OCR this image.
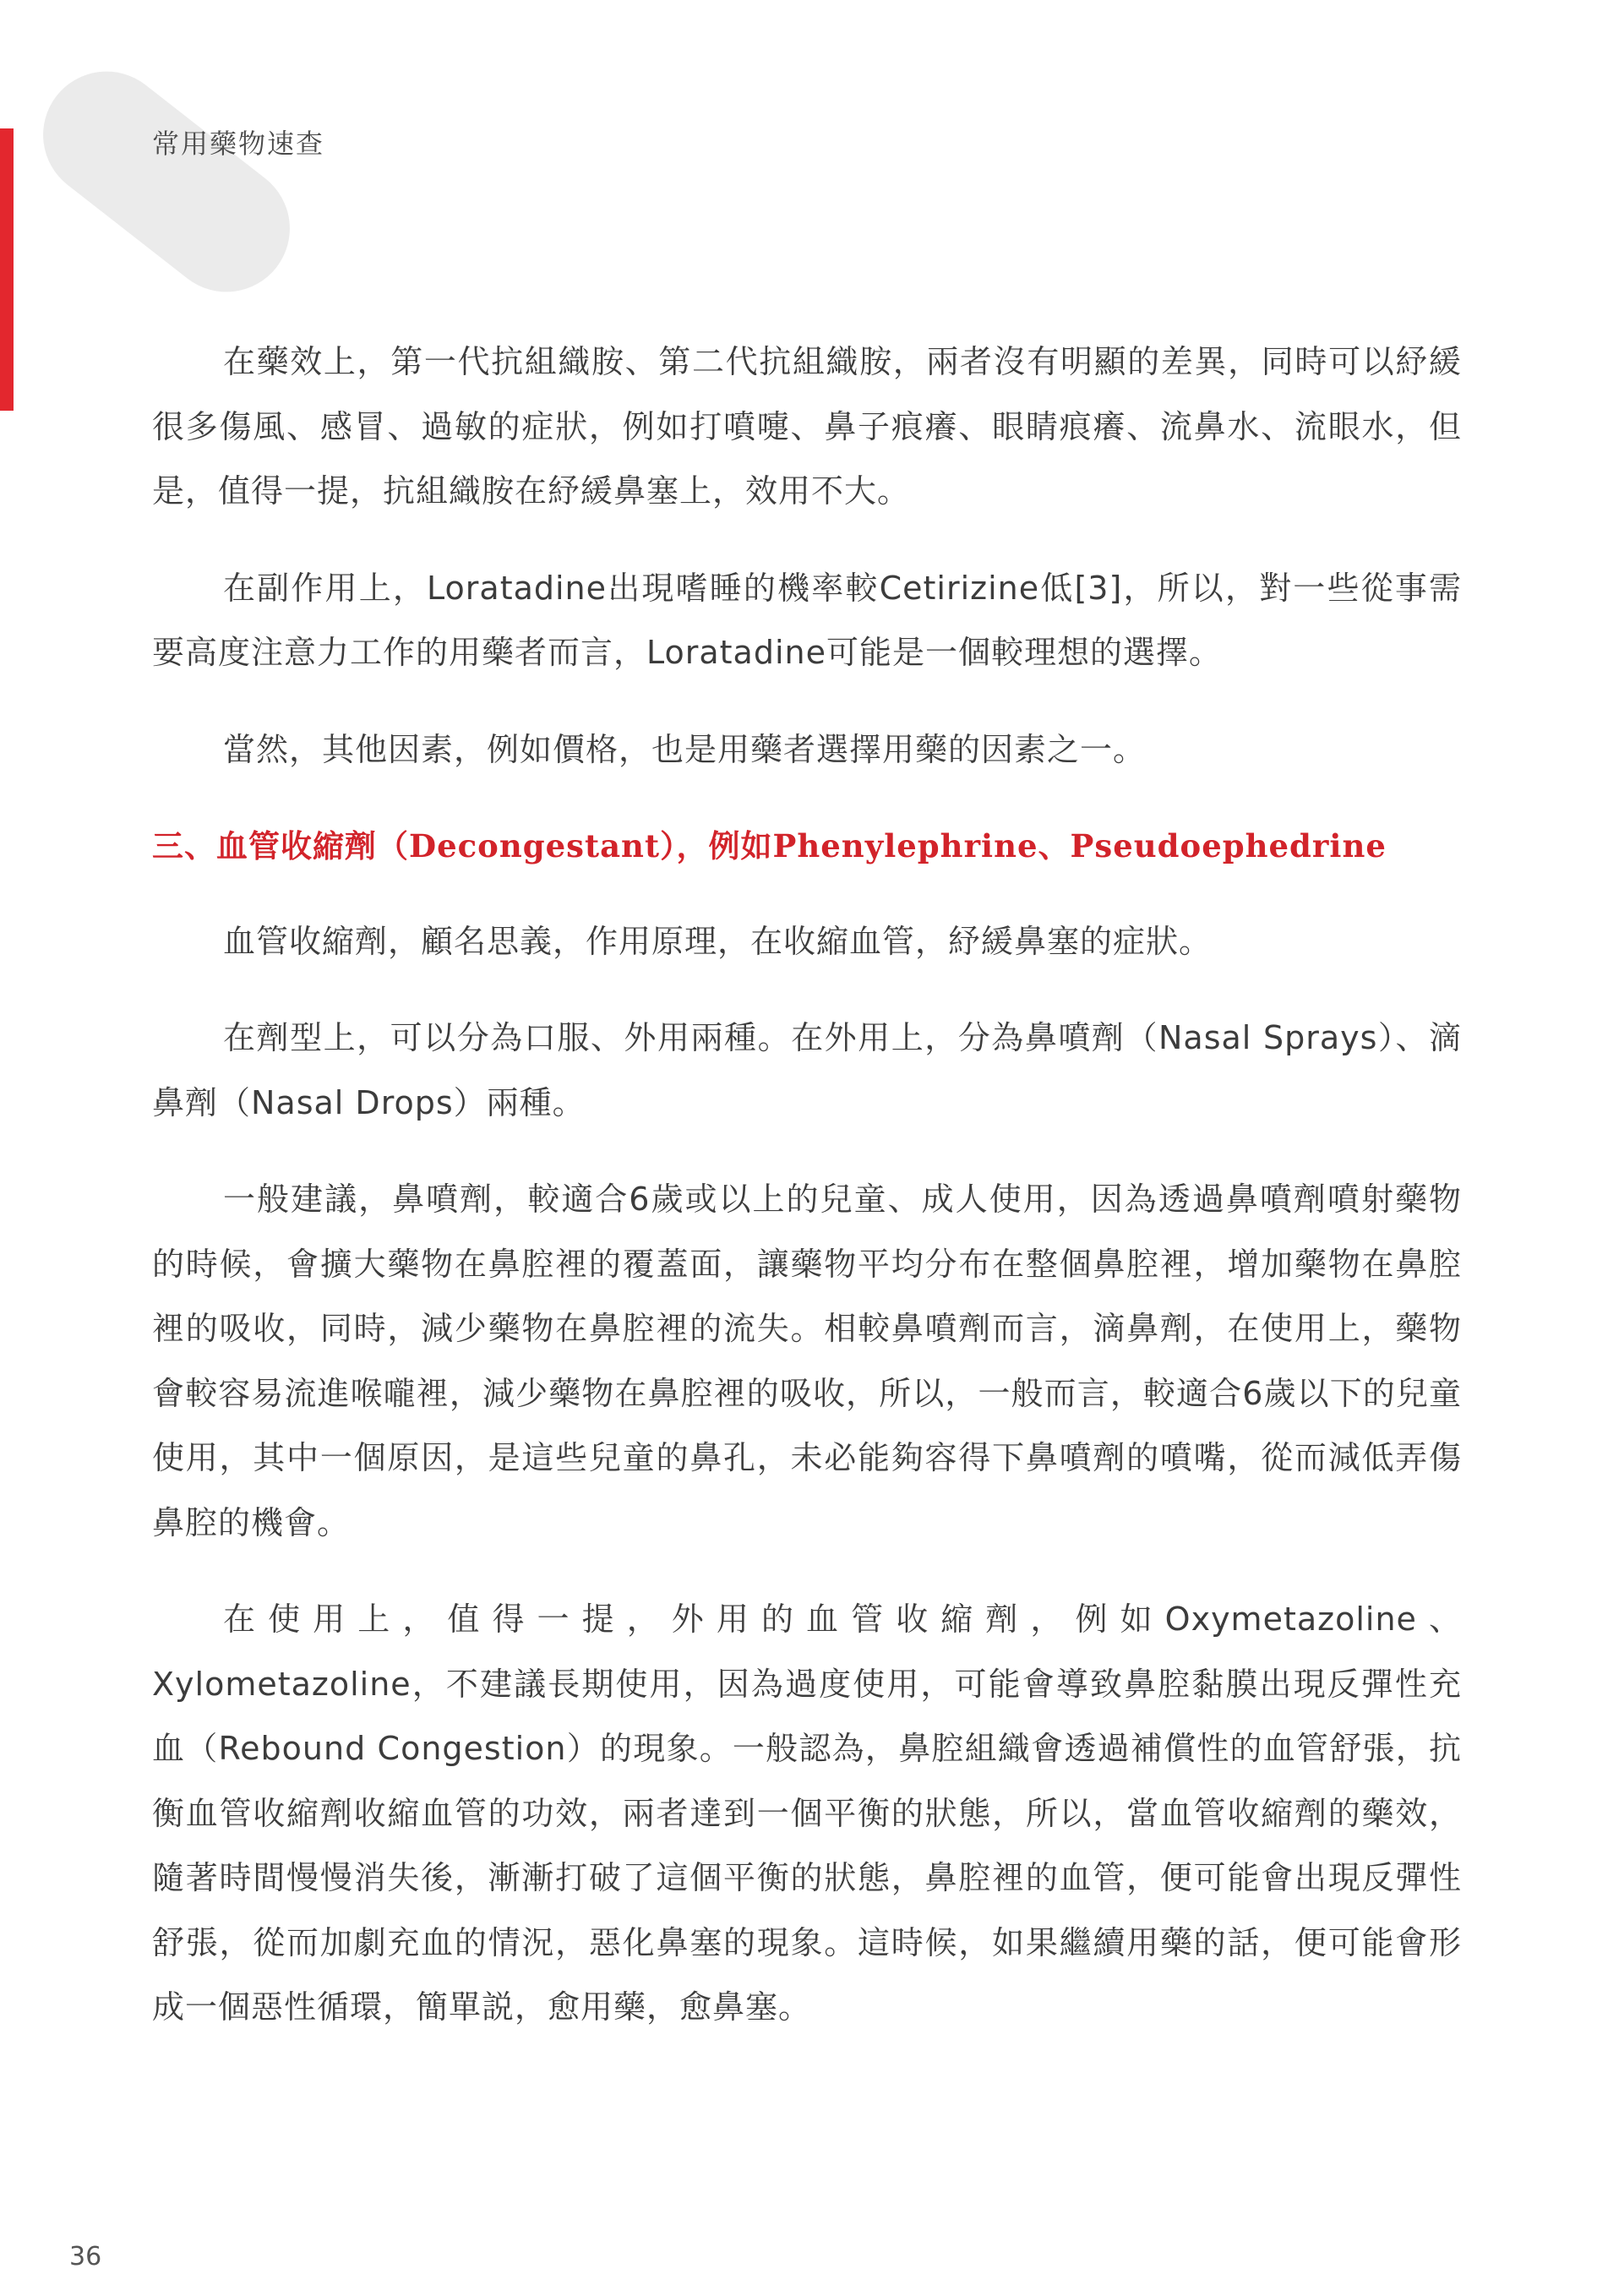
常用藥物速查

在藥效上，第一代抗組織胺、第二代抗組織胺，兩者沒有明顯的差異，同時可以紓緩很多傷風、感冒、過敏的症狀，例如打噴嚏、鼻子痕癢、眼睛痕癢、流鼻水、流眼水，但是，值得一提，抗組織胺在紓緩鼻塞上，效用不大。

在副作用上，Loratadine出現嗜睡的機率較Cetirizine低[3]，所以，對一些從事需要高度注意力工作的用藥者而言，Loratadine可能是一個較理想的選擇。

當然，其他因素，例如價格，也是用藥者選擇用藥的因素之一。

三、血管收縮劑（Decongestant），例如Phenylephrine、Pseudoephedrine

血管收縮劑，顧名思義，作用原理，在收縮血管，紓緩鼻塞的症狀。

在劑型上，可以分為口服、外用兩種。在外用上，分為鼻噴劑（Nasal Sprays）、滴鼻劑（Nasal Drops）兩種。

一般建議，鼻噴劑，較適合6歲或以上的兒童、成人使用，因為透過鼻噴劑噴射藥物的時候，會擴大藥物在鼻腔裡的覆蓋面，讓藥物平均分布在整個鼻腔裡，增加藥物在鼻腔裡的吸收，同時，減少藥物在鼻腔裡的流失。相較鼻噴劑而言，滴鼻劑，在使用上，藥物會較容易流進喉嚨裡，減少藥物在鼻腔裡的吸收，所以，一般而言，較適合6歲以下的兒童使用，其中一個原因，是這些兒童的鼻孔，未必能夠容得下鼻噴劑的噴嘴，從而減低弄傷鼻腔的機會。

在使用上，值得一提，外用的血管收縮劑，例如Oxymetazoline、Xylometazoline，不建議長期使用，因為過度使用，可能會導致鼻腔黏膜出現反彈性充血（Rebound Congestion）的現象。一般認為，鼻腔組織會透過補償性的血管舒張，抗衡血管收縮劑收縮血管的功效，兩者達到一個平衡的狀態，所以，當血管收縮劑的藥效，隨著時間慢慢消失後，漸漸打破了這個平衡的狀態，鼻腔裡的血管，便可能會出現反彈性舒張，從而加劇充血的情況，惡化鼻塞的現象。這時候，如果繼續用藥的話，便可能會形成一個惡性循環，簡單説，愈用藥，愈鼻塞。

36
